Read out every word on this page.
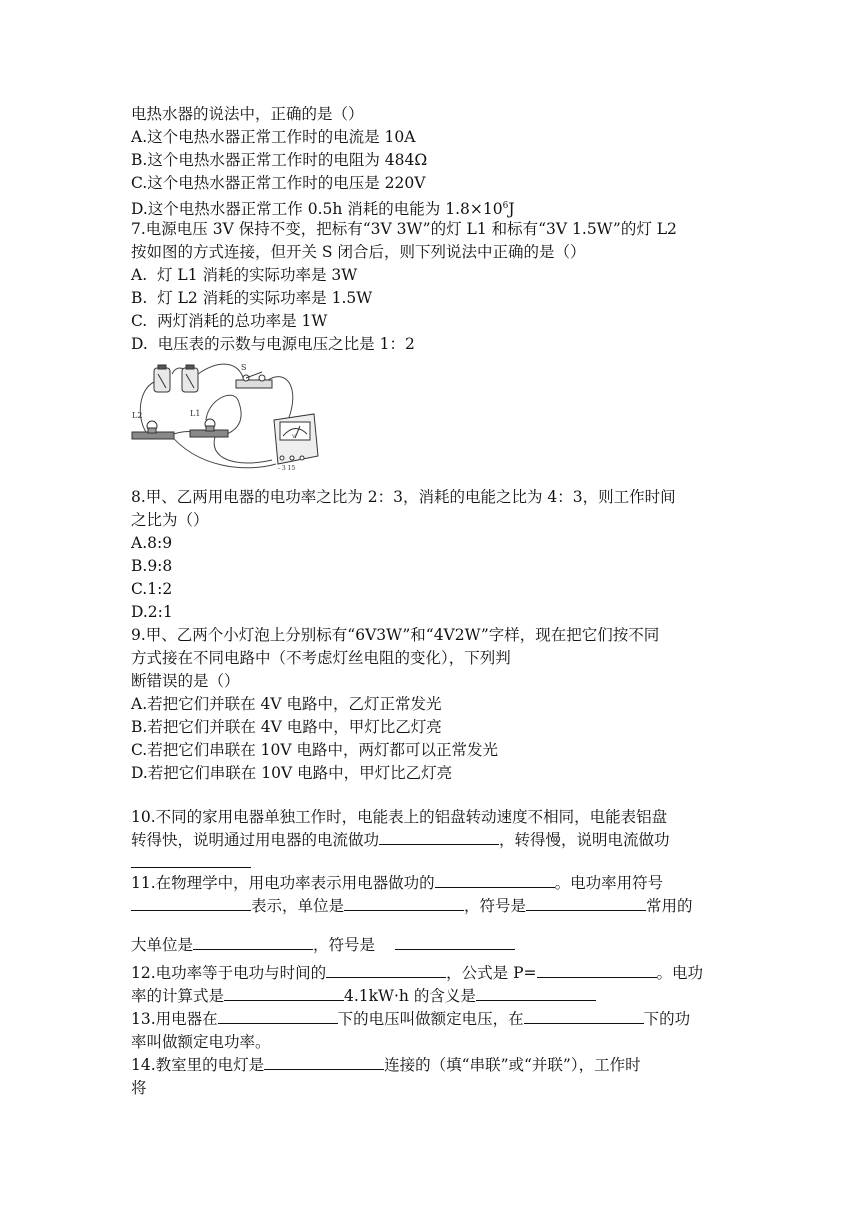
电热水器的说法中，正确的是（）
A.这个电热水器正常工作时的电流是 10A
B.这个电热水器正常工作时的电阻为 484Ω
C.这个电热水器正常工作时的电压是 220V
D.这个电热水器正常工作 0.5h 消耗的电能为 $1.8\times 10^6J$
7.电源电压 3V 保持不变，把标有“3V 3W”的灯 L1 和标有“3V 1.5W”的灯 L2
按如图的方式连接，但开关 S 闭合后，则下列说法中正确的是（）
A.  灯 L1 消耗的实际功率是 3W
B.  灯 L2 消耗的实际功率是 1.5W
C.  两灯消耗的总功率是 1W
D.  电压表的示数与电源电压之比是 1：2
S
L2	L1
V
- 3 15
8.甲、乙两用电器的电功率之比为 2：3，消耗的电能之比为 4：3，则工作时间
之比为（）
A.8:9
B.9:8
C.1:2
D.2:1
9.甲、乙两个小灯泡上分别标有“6V3W”和“4V2W”字样，现在把它们按不同
方式接在不同电路中（不考虑灯丝电阻的变化），下列判
断错误的是（）
A.若把它们并联在 4V 电路中，乙灯正常发光
B.若把它们并联在 4V 电路中，甲灯比乙灯亮
C.若把它们串联在 10V 电路中，两灯都可以正常发光
D.若把它们串联在 10V 电路中，甲灯比乙灯亮
10.不同的家用电器单独工作时，电能表上的铝盘转动速度不相同，电能表铝盘
转得快，说明通过用电器的电流做功	，转得慢，说明电流做功
11.在物理学中，用电功率表示用电器做功的	。电功率用符号
表示，单位是	，符号是	常用的
大单位是	，符号是
12.电功率等于电功与时间的	，公式是 P=	。电功
率的计算式是	4.1kW·h 的含义是
13.用电器在	下的电压叫做额定电压，在	下的功
率叫做额定电功率。
14.教室里的电灯是	连接的（填“串联”或“并联”），工作时
将
